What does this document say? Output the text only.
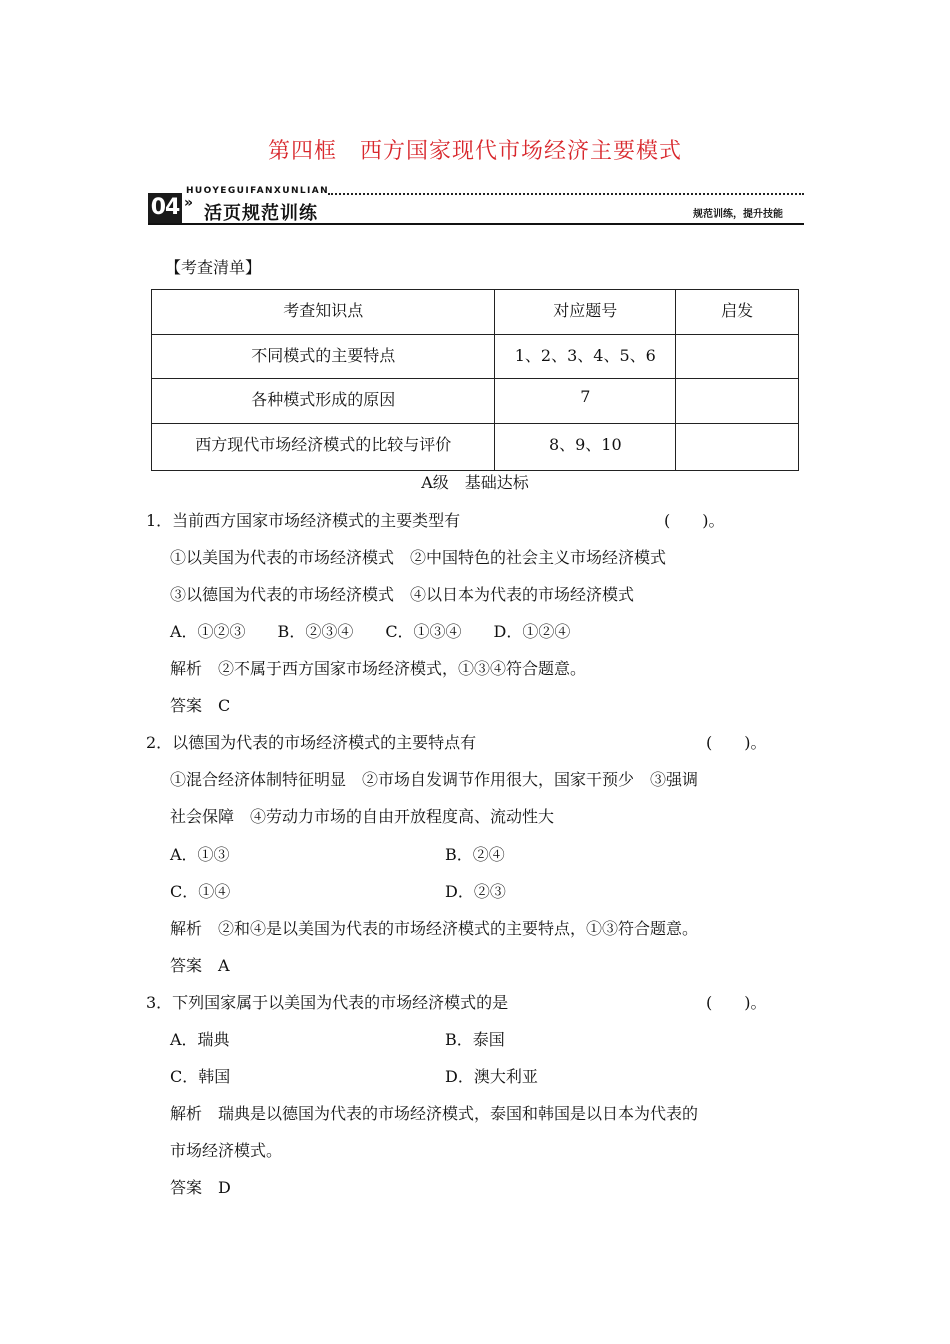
第四框　西方国家现代市场经济主要模式
HUOYEGUIFANXUNLIAN
04 » 活页规范训练	规范训练，提升技能
【考查清单】
考查知识点	对应题号	启发
不同模式的主要特点	1、2、3、4、5、6	
各种模式形成的原因	7	
西方现代市场经济模式的比较与评价	8、9、10	
A级　基础达标
1．当前西方国家市场经济模式的主要类型有	(　　)。
①以美国为代表的市场经济模式　②中国特色的社会主义市场经济模式
③以德国为代表的市场经济模式　④以日本为代表的市场经济模式
A．①②③　　B．②③④　　C．①③④　　D．①②④
解析　②不属于西方国家市场经济模式，①③④符合题意。
答案　C
2．以德国为代表的市场经济模式的主要特点有	(　　)。
①混合经济体制特征明显　②市场自发调节作用很大，国家干预少　③强调
社会保障　④劳动力市场的自由开放程度高、流动性大
A．①③	B．②④
C．①④	D．②③
解析　②和④是以美国为代表的市场经济模式的主要特点，①③符合题意。
答案　A
3．下列国家属于以美国为代表的市场经济模式的是	(　　)。
A．瑞典	B．泰国
C．韩国	D．澳大利亚
解析　瑞典是以德国为代表的市场经济模式，泰国和韩国是以日本为代表的
市场经济模式。
答案　D
